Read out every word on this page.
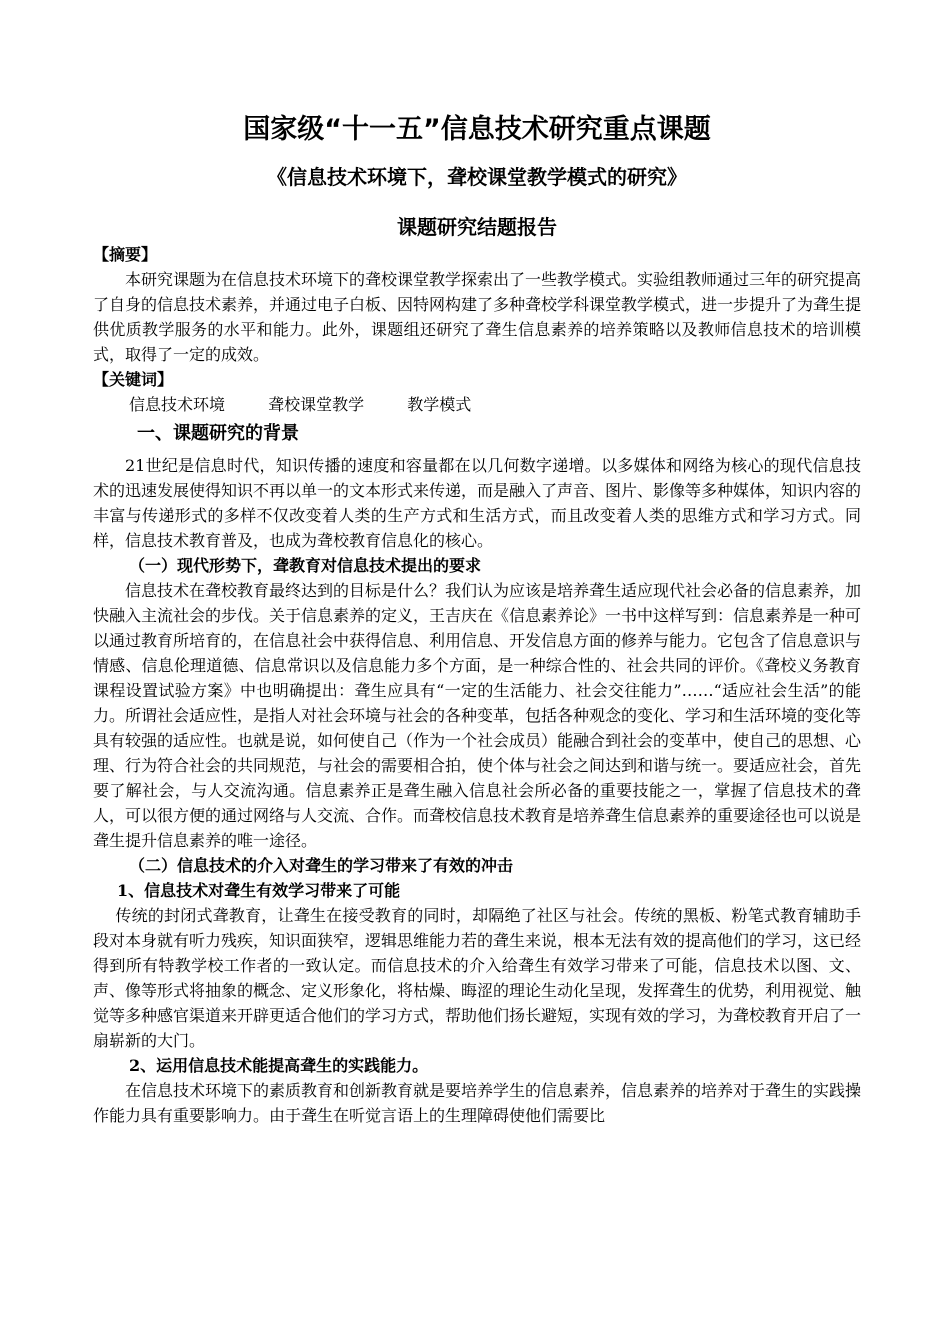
国家级“十一五”信息技术研究重点课题
《信息技术环境下，聋校课堂教学模式的研究》
课题研究结题报告

【摘要】

本研究课题为在信息技术环境下的聋校课堂教学探索出了一些教学模式。实验组教师通过三年的研究提高了自身的信息技术素养，并通过电子白板、因特网构建了多种聋校学科课堂教学模式，进一步提升了为聋生提供优质教学服务的水平和能力。此外，课题组还研究了聋生信息素养的培养策略以及教师信息技术的培训模式，取得了一定的成效。

【关键词】

信息技术环境	聋校课堂教学	教学模式

一、课题研究的背景

21世纪是信息时代，知识传播的速度和容量都在以几何数字递增。以多媒体和网络为核心的现代信息技术的迅速发展使得知识不再以单一的文本形式来传递，而是融入了声音、图片、影像等多种媒体，知识内容的丰富与传递形式的多样不仅改变着人类的生产方式和生活方式，而且改变着人类的思维方式和学习方式。同样，信息技术教育普及，也成为聋校教育信息化的核心。

（一）现代形势下，聋教育对信息技术提出的要求

信息技术在聋校教育最终达到的目标是什么？我们认为应该是培养聋生适应现代社会必备的信息素养，加快融入主流社会的步伐。关于信息素养的定义，王吉庆在《信息素养论》一书中这样写到：信息素养是一种可以通过教育所培育的，在信息社会中获得信息、利用信息、开发信息方面的修养与能力。它包含了信息意识与情感、信息伦理道德、信息常识以及信息能力多个方面，是一种综合性的、社会共同的评价。《聋校义务教育课程设置试验方案》中也明确提出：聋生应具有“一定的生活能力、社会交往能力”……“适应社会生活”的能力。所谓社会适应性，是指人对社会环境与社会的各种变革，包括各种观念的变化、学习和生活环境的变化等具有较强的适应性。也就是说，如何使自己（作为一个社会成员）能融合到社会的变革中，使自己的思想、心理、行为符合社会的共同规范，与社会的需要相合拍，使个体与社会之间达到和谐与统一。要适应社会，首先要了解社会，与人交流沟通。信息素养正是聋生融入信息社会所必备的重要技能之一，掌握了信息技术的聋人，可以很方便的通过网络与人交流、合作。而聋校信息技术教育是培养聋生信息素养的重要途径也可以说是聋生提升信息素养的唯一途径。

（二）信息技术的介入对聋生的学习带来了有效的冲击
1、信息技术对聋生有效学习带来了可能

传统的封闭式聋教育，让聋生在接受教育的同时，却隔绝了社区与社会。传统的黑板、粉笔式教育辅助手段对本身就有听力残疾，知识面狭窄，逻辑思维能力若的聋生来说，根本无法有效的提高他们的学习，这已经得到所有特教学校工作者的一致认定。而信息技术的介入给聋生有效学习带来了可能，信息技术以图、文、声、像等形式将抽象的概念、定义形象化，将枯燥、晦涩的理论生动化呈现，发挥聋生的优势，利用视觉、触觉等多种感官渠道来开辟更适合他们的学习方式，帮助他们扬长避短，实现有效的学习，为聋校教育开启了一扇崭新的大门。

2、运用信息技术能提高聋生的实践能力。

在信息技术环境下的素质教育和创新教育就是要培养学生的信息素养，信息素养的培养对于聋生的实践操作能力具有重要影响力。由于聋生在听觉言语上的生理障碍使他们需要比
